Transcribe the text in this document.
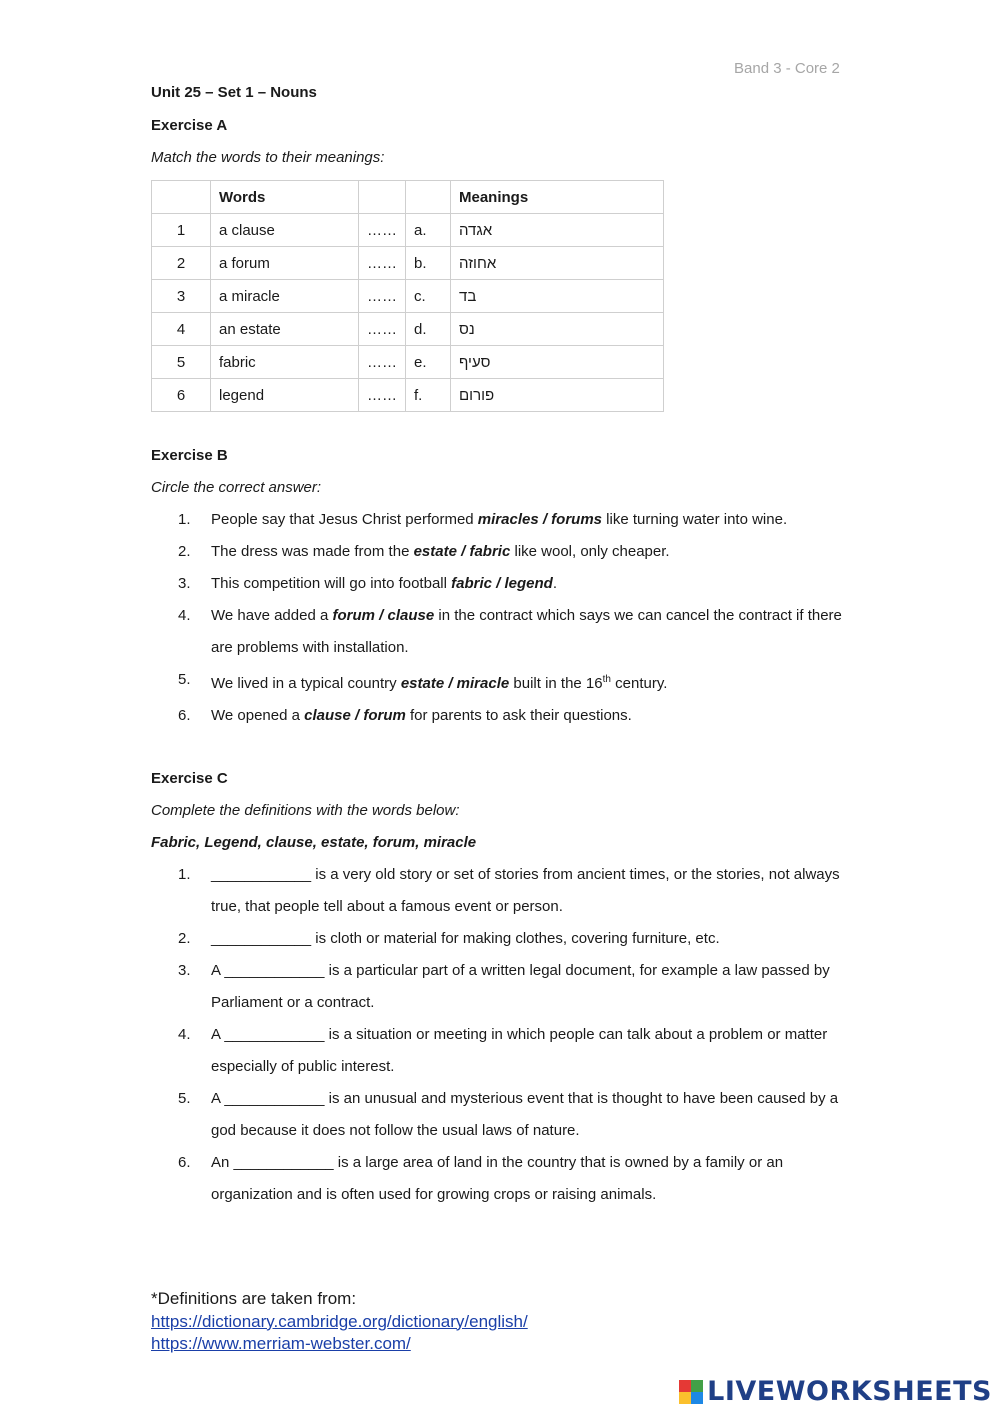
Band 3 - Core 2
Unit 25 – Set 1 – Nouns
Exercise A
Match the words to their meanings:
	Words			Meanings
1	a clause	……	a.	אגדה
2	a forum	……	b.	אחוזה
3	a miracle	……	c.	בד
4	an estate	……	d.	נס
5	fabric	……	e.	סעיף
6	legend	……	f.	פורום
Exercise B
Circle the correct answer:
1. People say that Jesus Christ performed miracles / forums like turning water into wine.
2. The dress was made from the estate / fabric like wool, only cheaper.
3. This competition will go into football fabric / legend.
4. We have added a forum / clause in the contract which says we can cancel the contract if there are problems with installation.
5. We lived in a typical country estate / miracle built in the 16th century.
6. We opened a clause / forum for parents to ask their questions.
Exercise C
Complete the definitions with the words below:
Fabric, Legend, clause, estate, forum, miracle
1. ____________ is a very old story or set of stories from ancient times, or the stories, not always true, that people tell about a famous event or person.
2. ____________ is cloth or material for making clothes, covering furniture, etc.
3. A ____________ is a particular part of a written legal document, for example a law passed by Parliament or a contract.
4. A ____________ is a situation or meeting in which people can talk about a problem or matter especially of public interest.
5. A ____________ is an unusual and mysterious event that is thought to have been caused by a god because it does not follow the usual laws of nature.
6. An ____________ is a large area of land in the country that is owned by a family or an organization and is often used for growing crops or raising animals.
*Definitions are taken from:
https://dictionary.cambridge.org/dictionary/english/
https://www.merriam-webster.com/
LIVEWORKSHEETS
